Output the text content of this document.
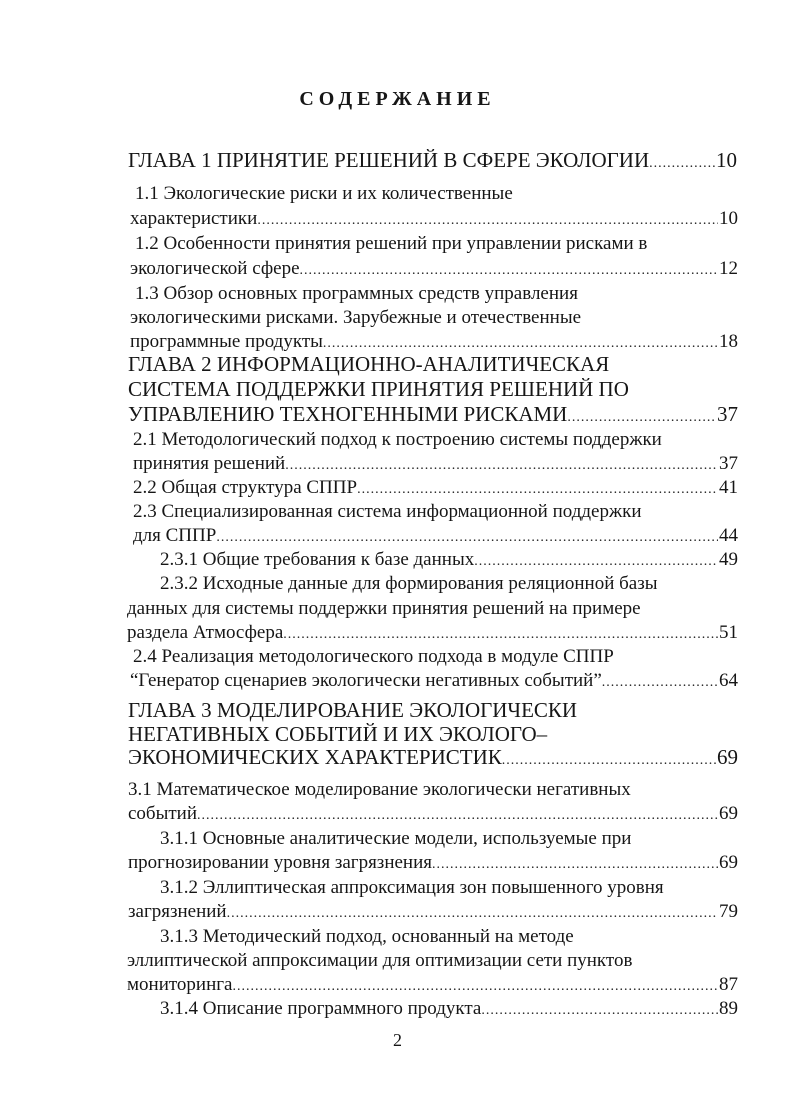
СОДЕРЖАНИЕ
ГЛАВА 1 ПРИНЯТИЕ РЕШЕНИЙ В СФЕРЕ ЭКОЛОГИИ .....	10
1.1 Экологические риски и их количественные
характеристики .....	10
1.2 Особенности принятия решений при управлении рисками в
экологической сфере .....	12
1.3 Обзор основных программных средств управления
экологическими рисками. Зарубежные и отечественные
программные продукты .....	18
ГЛАВА 2 ИНФОРМАЦИОННО-АНАЛИТИЧЕСКАЯ
СИСТЕМА ПОДДЕРЖКИ ПРИНЯТИЯ РЕШЕНИЙ ПО
УПРАВЛЕНИЮ ТЕХНОГЕННЫМИ РИСКАМИ .....	37
2.1 Методологический подход к построению системы поддержки
принятия решений .....	37
2.2 Общая структура СППР .....	41
2.3 Специализированная система информационной поддержки
для СППР .....	44
2.3.1 Общие требования к базе данных .....	49
2.3.2 Исходные данные для формирования реляционной базы
данных для системы поддержки принятия решений на примере
раздела Атмосфера .....	51
2.4 Реализация методологического подхода в модуле СППР
“Генератор сценариев экологически негативных событий” .....	64
ГЛАВА 3 МОДЕЛИРОВАНИЕ ЭКОЛОГИЧЕСКИ
НЕГАТИВНЫХ СОБЫТИЙ И ИХ ЭКОЛОГО–
ЭКОНОМИЧЕСКИХ ХАРАКТЕРИСТИК .....	69
3.1 Математическое моделирование экологически негативных
событий .....	69
3.1.1 Основные аналитические модели, используемые при
прогнозировании уровня загрязнения .....	69
3.1.2 Эллиптическая аппроксимация зон повышенного уровня
загрязнений .....	79
3.1.3 Методический подход, основанный на методе
эллиптической аппроксимации для оптимизации сети пунктов
мониторинга .....	87
3.1.4 Описание программного продукта .....	89
2
